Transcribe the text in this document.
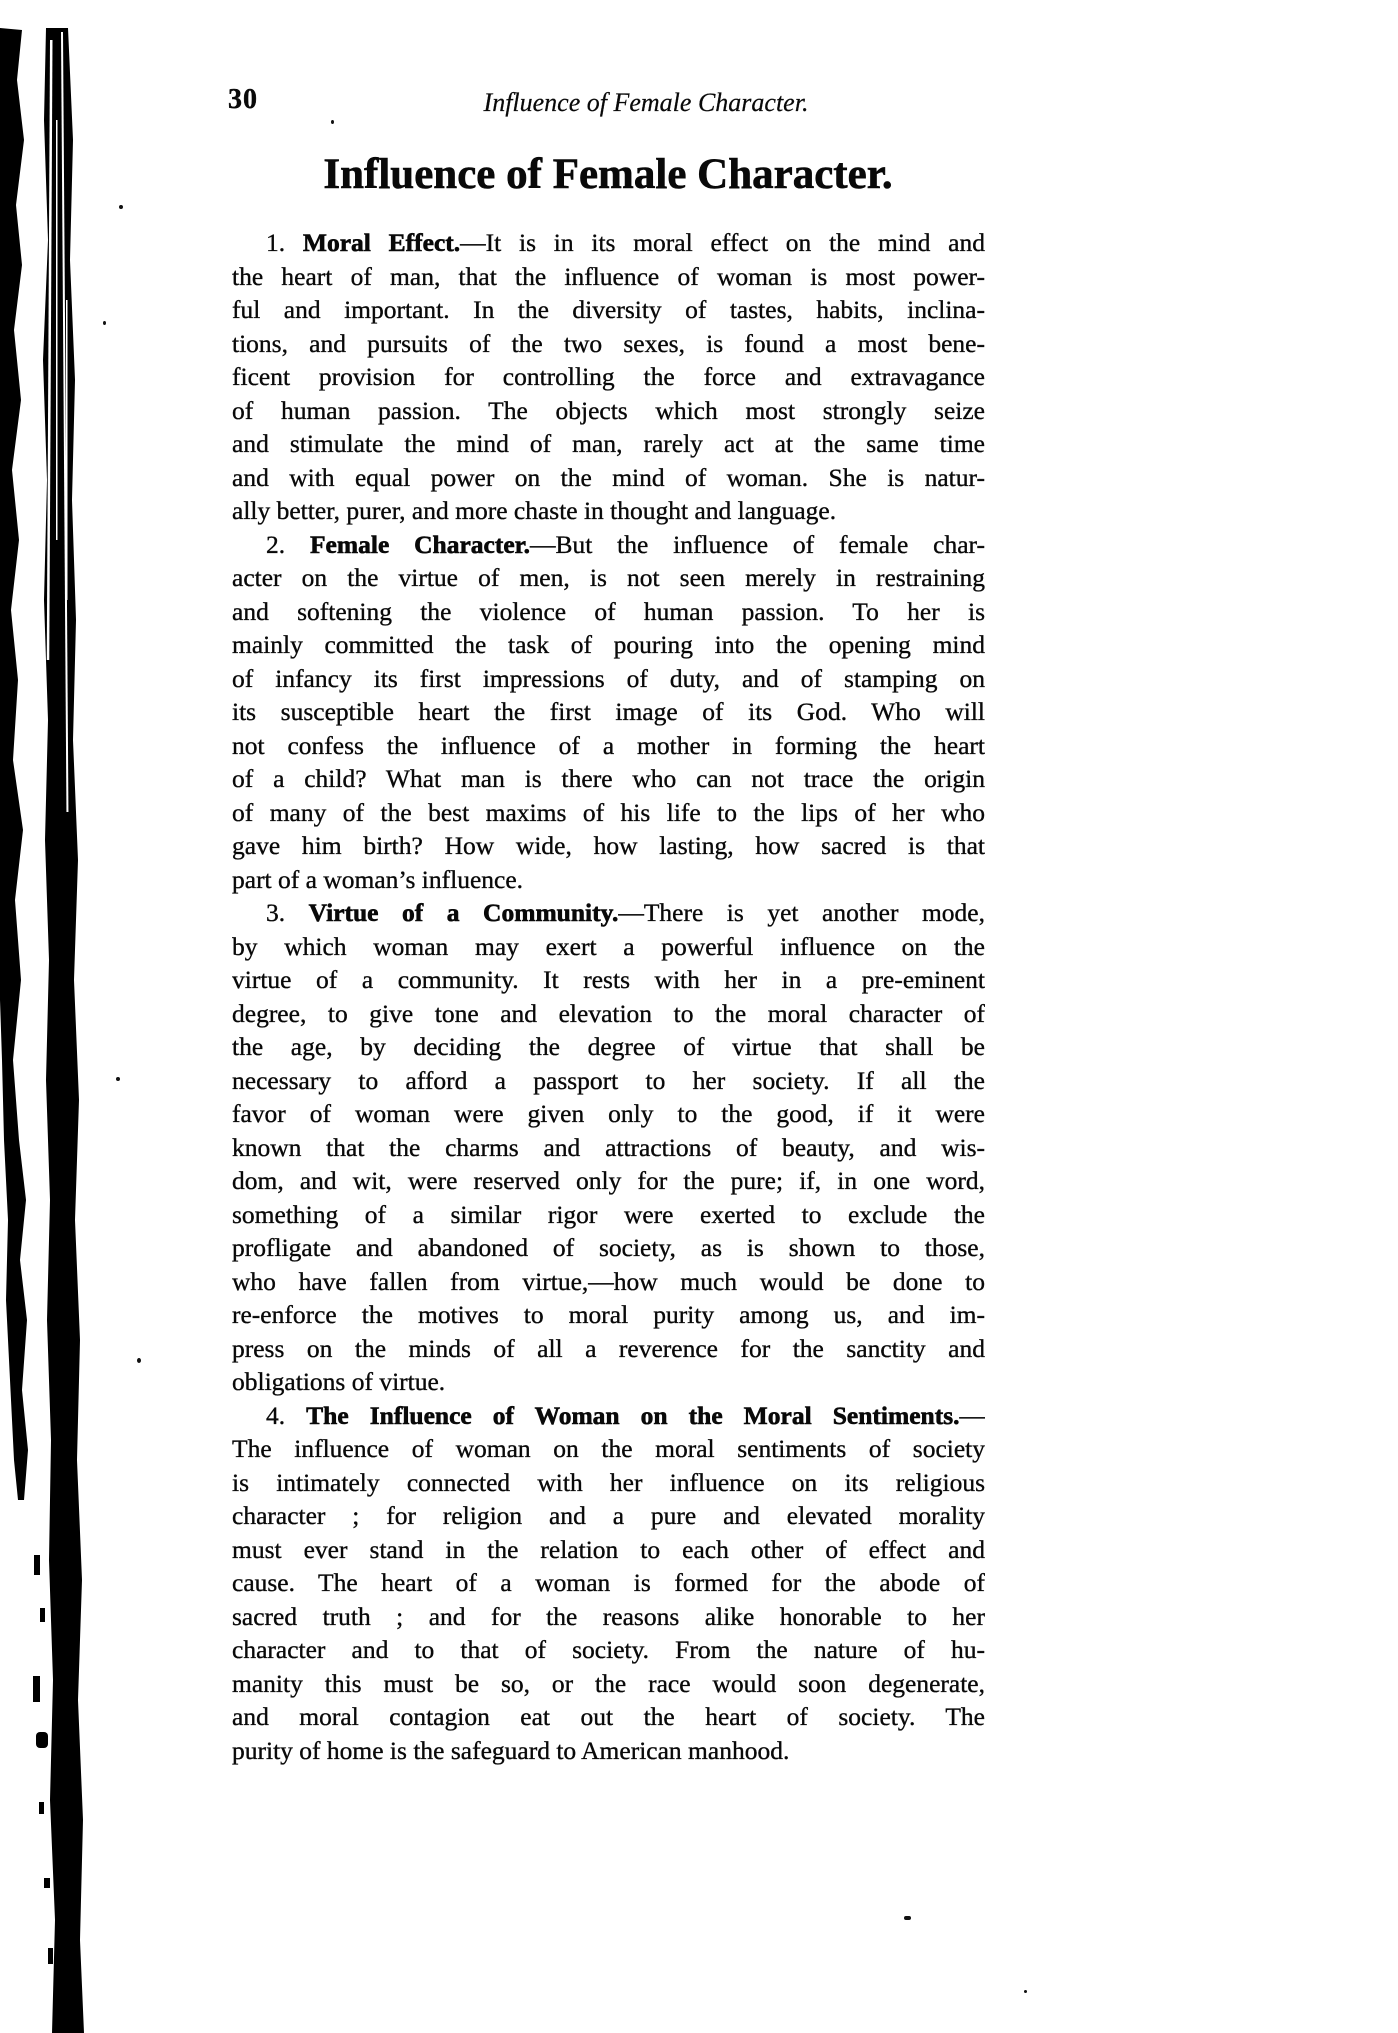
30	Influence of Female Character.
Influence of Female Character.
1. Moral Effect.—It is in its moral effect on the mind and
the heart of man, that the influence of woman is most power-
ful and important. In the diversity of tastes, habits, inclina-
tions, and pursuits of the two sexes, is found a most bene-
ficent provision for controlling the force and extravagance
of human passion. The objects which most strongly seize
and stimulate the mind of man, rarely act at the same time
and with equal power on the mind of woman. She is natur-
ally better, purer, and more chaste in thought and language.
2. Female Character.—But the influence of female char-
acter on the virtue of men, is not seen merely in restraining
and softening the violence of human passion. To her is
mainly committed the task of pouring into the opening mind
of infancy its first impressions of duty, and of stamping on
its susceptible heart the first image of its God. Who will
not confess the influence of a mother in forming the heart
of a child? What man is there who can not trace the origin
of many of the best maxims of his life to the lips of her who
gave him birth? How wide, how lasting, how sacred is that
part of a woman’s influence.
3. Virtue of a Community.—There is yet another mode,
by which woman may exert a powerful influence on the
virtue of a community. It rests with her in a pre-eminent
degree, to give tone and elevation to the moral character of
the age, by deciding the degree of virtue that shall be
necessary to afford a passport to her society. If all the
favor of woman were given only to the good, if it were
known that the charms and attractions of beauty, and wis-
dom, and wit, were reserved only for the pure; if, in one word,
something of a similar rigor were exerted to exclude the
profligate and abandoned of society, as is shown to those,
who have fallen from virtue,—how much would be done to
re-enforce the motives to moral purity among us, and im-
press on the minds of all a reverence for the sanctity and
obligations of virtue.
4. The Influence of Woman on the Moral Sentiments.—
The influence of woman on the moral sentiments of society
is intimately connected with her influence on its religious
character ; for religion and a pure and elevated morality
must ever stand in the relation to each other of effect and
cause. The heart of a woman is formed for the abode of
sacred truth ; and for the reasons alike honorable to her
character and to that of society. From the nature of hu-
manity this must be so, or the race would soon degenerate,
and moral contagion eat out the heart of society. The
purity of home is the safeguard to American manhood.
